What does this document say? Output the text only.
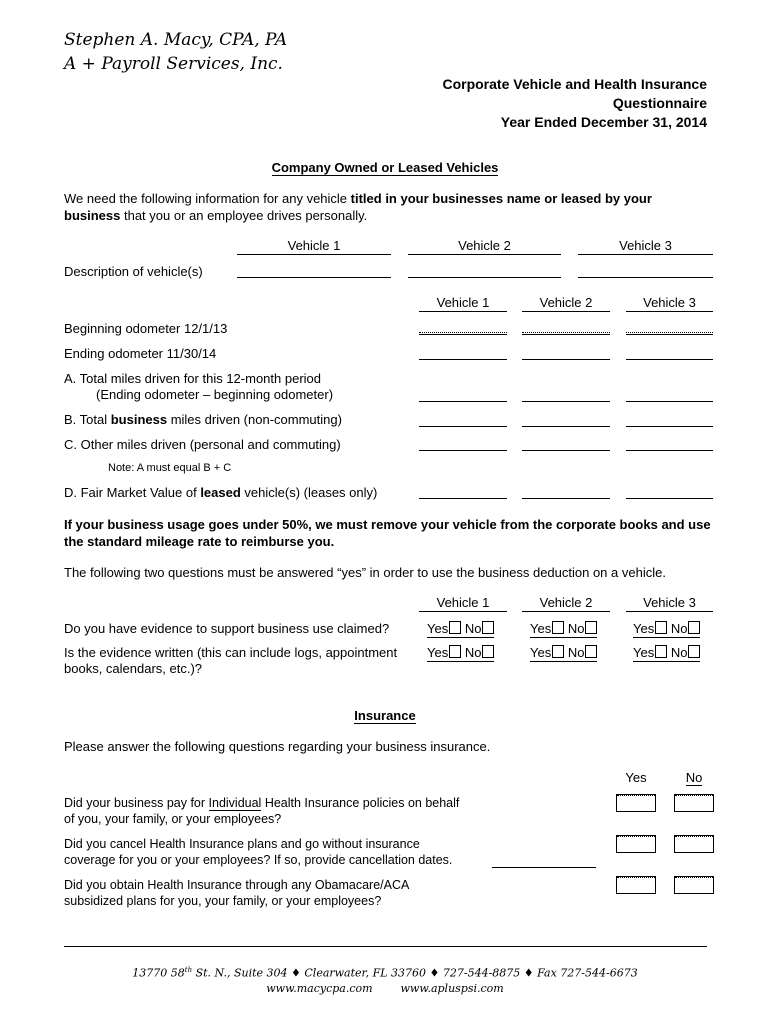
Stephen A. Macy, CPA, PA
A + Payroll Services, Inc.
Corporate Vehicle and Health Insurance
Questionnaire
Year Ended December 31, 2014
Company Owned or Leased Vehicles
We need the following information for any vehicle titled in your businesses name or leased by your business that you or an employee drives personally.
Vehicle 1	Vehicle 2	Vehicle 3
Description of vehicle(s)
Vehicle 1	Vehicle 2	Vehicle 3
Beginning odometer 12/1/13
Ending odometer 11/30/14
A. Total miles driven for this 12-month period
(Ending odometer – beginning odometer)
B. Total business miles driven (non-commuting)
C. Other miles driven (personal and commuting)
Note: A must equal B + C
D. Fair Market Value of leased vehicle(s) (leases only)
If your business usage goes under 50%, we must remove your vehicle from the corporate books and use the standard mileage rate to reimburse you.
The following two questions must be answered “yes” in order to use the business deduction on a vehicle.
Vehicle 1	Vehicle 2	Vehicle 3
Do you have evidence to support business use claimed?	Yes No	Yes No	Yes No
Is the evidence written (this can include logs, appointment
books, calendars, etc.)?
Yes No	Yes No	Yes No
Insurance
Please answer the following questions regarding your business insurance.
Yes	No
Did your business pay for Individual Health Insurance policies on behalf
of you, your family, or your employees?
Did you cancel Health Insurance plans and go without insurance
coverage for you or your employees? If so, provide cancellation dates.
Did you obtain Health Insurance through any Obamacare/ACA
subsidized plans for you, your family, or your employees?
13770 58th St. N., Suite 304 ♦ Clearwater, FL 33760 ♦ 727-544-8875 ♦ Fax 727-544-6673
www.macycpa.com        www.apluspsi.com
